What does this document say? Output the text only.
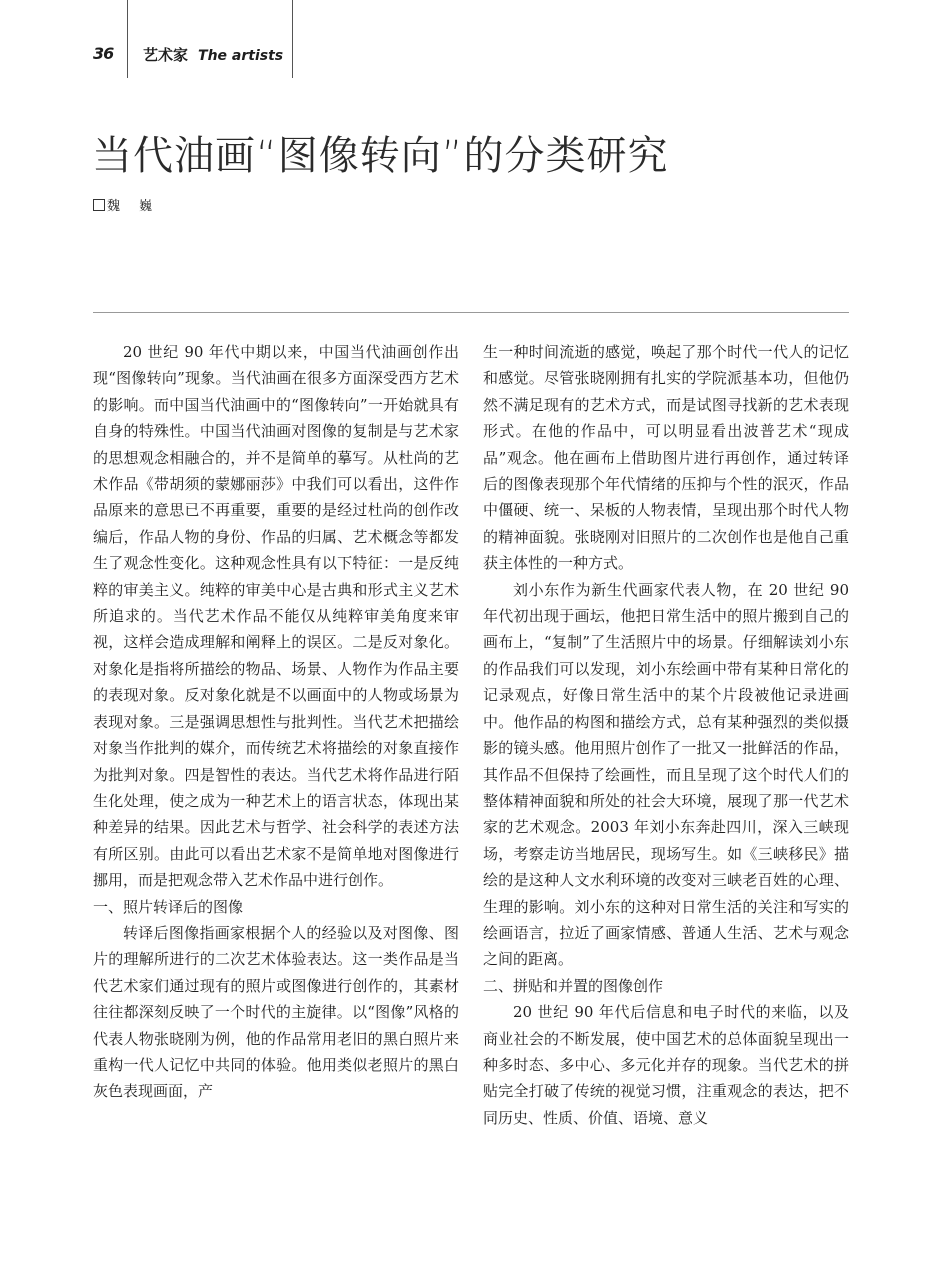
36 艺术家 The artists
当代油画“图像转向”的分类研究
魏　巍

20 世纪 90 年代中期以来，中国当代油画创作出现“图像转向”现象。当代油画在很多方面深受西方艺术的影响。而中国当代油画中的“图像转向”一开始就具有自身的特殊性。中国当代油画对图像的复制是与艺术家的思想观念相融合的，并不是简单的摹写。从杜尚的艺术作品《带胡须的蒙娜丽莎》中我们可以看出，这件作品原来的意思已不再重要，重要的是经过杜尚的创作改编后，作品人物的身份、作品的归属、艺术概念等都发生了观念性变化。这种观念性具有以下特征：一是反纯粹的审美主义。纯粹的审美中心是古典和形式主义艺术所追求的。当代艺术作品不能仅从纯粹审美角度来审视，这样会造成理解和阐释上的误区。二是反对象化。对象化是指将所描绘的物品、场景、人物作为作品主要的表现对象。反对象化就是不以画面中的人物或场景为表现对象。三是强调思想性与批判性。当代艺术把描绘对象当作批判的媒介，而传统艺术将描绘的对象直接作为批判对象。四是智性的表达。当代艺术将作品进行陌生化处理，使之成为一种艺术上的语言状态，体现出某种差异的结果。因此艺术与哲学、社会科学的表述方法有所区别。由此可以看出艺术家不是简单地对图像进行挪用，而是把观念带入艺术作品中进行创作。

一、照片转译后的图像

转译后图像指画家根据个人的经验以及对图像、图片的理解所进行的二次艺术体验表达。这一类作品是当代艺术家们通过现有的照片或图像进行创作的，其素材往往都深刻反映了一个时代的主旋律。以“图像”风格的代表人物张晓刚为例，他的作品常用老旧的黑白照片来重构一代人记忆中共同的体验。他用类似老照片的黑白灰色表现画面，产

生一种时间流逝的感觉，唤起了那个时代一代人的记忆和感觉。尽管张晓刚拥有扎实的学院派基本功，但他仍然不满足现有的艺术方式，而是试图寻找新的艺术表现形式。在他的作品中，可以明显看出波普艺术“现成品”观念。他在画布上借助图片进行再创作，通过转译后的图像表现那个年代情绪的压抑与个性的泯灭，作品中僵硬、统一、呆板的人物表情，呈现出那个时代人物的精神面貌。张晓刚对旧照片的二次创作也是他自己重获主体性的一种方式。

刘小东作为新生代画家代表人物，在 20 世纪 90 年代初出现于画坛，他把日常生活中的照片搬到自己的画布上，“复制”了生活照片中的场景。仔细解读刘小东的作品我们可以发现，刘小东绘画中带有某种日常化的记录观点，好像日常生活中的某个片段被他记录进画中。他作品的构图和描绘方式，总有某种强烈的类似摄影的镜头感。他用照片创作了一批又一批鲜活的作品，其作品不但保持了绘画性，而且呈现了这个时代人们的整体精神面貌和所处的社会大环境，展现了那一代艺术家的艺术观念。2003 年刘小东奔赴四川，深入三峡现场，考察走访当地居民，现场写生。如《三峡移民》描绘的是这种人文水利环境的改变对三峡老百姓的心理、生理的影响。刘小东的这种对日常生活的关注和写实的绘画语言，拉近了画家情感、普通人生活、艺术与观念之间的距离。

二、拼贴和并置的图像创作

20 世纪 90 年代后信息和电子时代的来临，以及商业社会的不断发展，使中国艺术的总体面貌呈现出一种多时态、多中心、多元化并存的现象。当代艺术的拼贴完全打破了传统的视觉习惯，注重观念的表达，把不同历史、性质、价值、语境、意义
